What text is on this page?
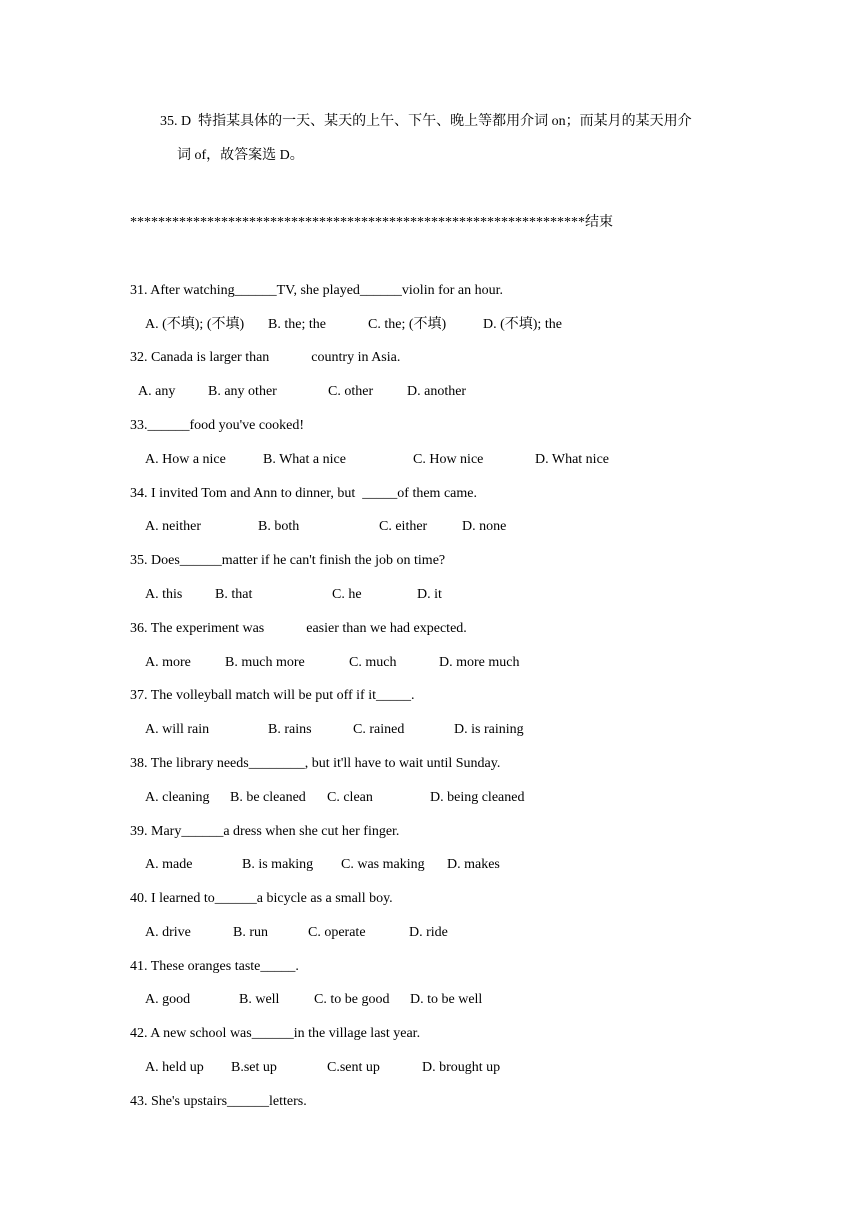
35. D  特指某具体的一天、某天的上午、下午、晚上等都用介词 on；而某月的某天用介
词 of，故答案选 D。
*****************************************************************结束
31. After watching______TV, she played______violin for an hour.

A. (不填); (不填)

B. the; the

	C. the; (不填)

	D. (不填); the

32. Canada is larger than            country in Asia.

A. any

B. any other

	C. other

D. another

33.______food you've cooked!

A. How a nice

	B. What a nice

	C. How nice

	D. What nice

34. I invited Tom and Ann to dinner, but  _____of them came.

A. neither

	B. both

	C. either

D. none

35. Does______matter if he can't finish the job on time?

A. this

B. that

	C. he

	D. it

36. The experiment was            easier than we had expected.

A. more

B. much more

	C. much

	D. more much

37. The volleyball match will be put off if it_____.

A. will rain

	B. rains

	C. rained

	D. is raining

38. The library needs________, but it'll have to wait until Sunday.

A. cleaning

B. be cleaned

C. clean

	D. being cleaned

39. Mary______a dress when she cut her finger.

A. made

	B. is making

C. was making

D. makes

40. I learned to______a bicycle as a small boy.

A. drive

	B. run

	C. operate

	D. ride

41. These oranges taste_____.

A. good

	B. well

C. to be good

D. to be well

42. A new school was______in the village last year.

A. held up

B.set up

	C.sent up

	D. brought up

43. She's upstairs______letters.
